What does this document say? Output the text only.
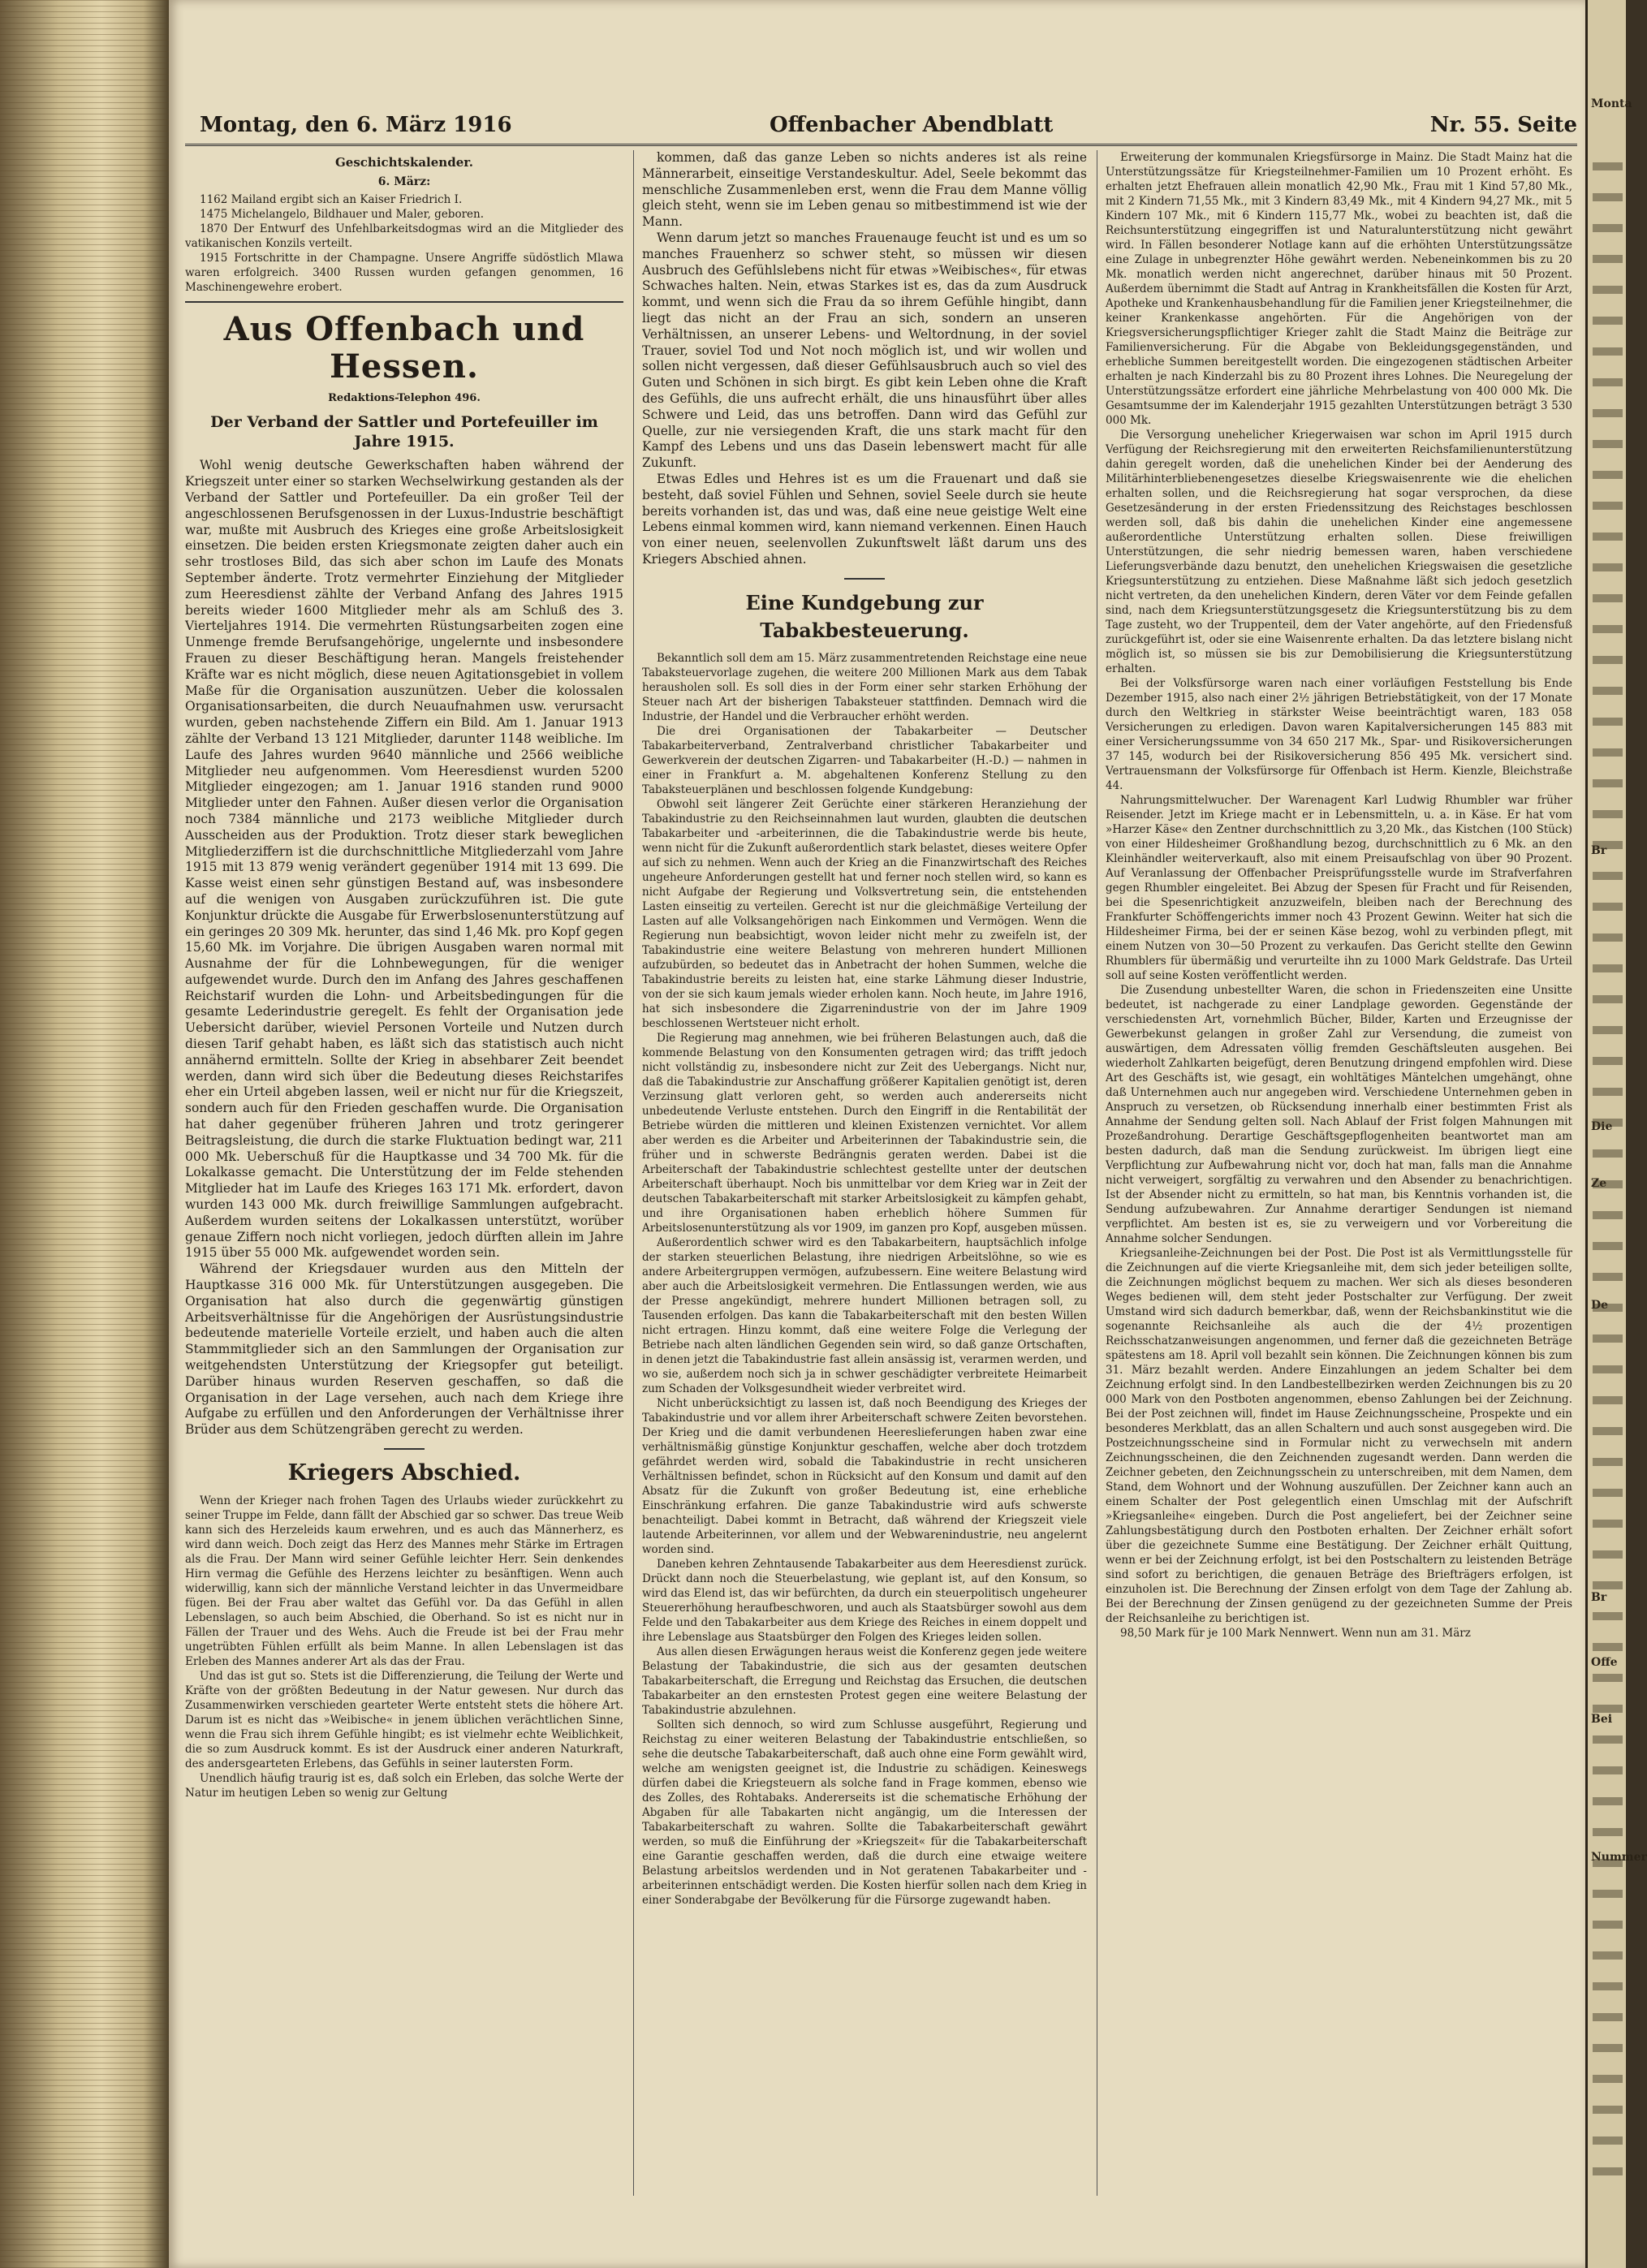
Montag, den 6. März 1916	Offenbacher Abendblatt	Nr. 55. Seite
Geschichtskalender.
6. März:

1162 Mailand ergibt sich an Kaiser Friedrich I.

1475 Michelangelo, Bildhauer und Maler, geboren.

1870 Der Entwurf des Unfehlbarkeitsdogmas wird an die Mitglieder des vatikanischen Konzils verteilt.

1915 Fortschritte in der Champagne. Unsere Angriffe südöstlich Mlawa waren erfolgreich. 3400 Russen wurden gefangen genommen, 16 Maschinengewehre erobert.

Aus Offenbach und Hessen.
Redaktions-Telephon 496.
Der Verband der Sattler und Portefeuiller im Jahre 1915.

Wohl wenig deutsche Gewerkschaften haben während der Kriegszeit unter einer so starken Wechselwirkung gestanden als der Verband der Sattler und Portefeuiller. Da ein großer Teil der angeschlossenen Berufsgenossen in der Luxus-Industrie beschäftigt war, mußte mit Ausbruch des Krieges eine große Arbeitslosigkeit einsetzen. Die beiden ersten Kriegsmonate zeigten daher auch ein sehr trostloses Bild, das sich aber schon im Laufe des Monats September änderte. Trotz vermehrter Einziehung der Mitglieder zum Heeresdienst zählte der Verband Anfang des Jahres 1915 bereits wieder 1600 Mitglieder mehr als am Schluß des 3. Vierteljahres 1914. Die vermehrten Rüstungsarbeiten zogen eine Unmenge fremde Berufsangehörige, ungelernte und insbesondere Frauen zu dieser Beschäftigung heran. Mangels freistehender Kräfte war es nicht möglich, diese neuen Agitationsgebiet in vollem Maße für die Organisation auszunützen. Ueber die kolossalen Organisationsarbeiten, die durch Neuaufnahmen usw. verursacht wurden, geben nachstehende Ziffern ein Bild. Am 1. Januar 1913 zählte der Verband 13 121 Mitglieder, darunter 1148 weibliche. Im Laufe des Jahres wurden 9640 männliche und 2566 weibliche Mitglieder neu aufgenommen. Vom Heeresdienst wurden 5200 Mitglieder eingezogen; am 1. Januar 1916 standen rund 9000 Mitglieder unter den Fahnen. Außer diesen verlor die Organisation noch 7384 männliche und 2173 weibliche Mitglieder durch Ausscheiden aus der Produktion. Trotz dieser stark beweglichen Mitgliederziffern ist die durchschnittliche Mitgliederzahl vom Jahre 1915 mit 13 879 wenig verändert gegenüber 1914 mit 13 699. Die Kasse weist einen sehr günstigen Bestand auf, was insbesondere auf die wenigen von Ausgaben zurückzuführen ist. Die gute Konjunktur drückte die Ausgabe für Erwerbslosenunterstützung auf ein geringes 20 309 Mk. herunter, das sind 1,46 Mk. pro Kopf gegen 15,60 Mk. im Vorjahre. Die übrigen Ausgaben waren normal mit Ausnahme der für die Lohnbewegungen, für die weniger aufgewendet wurde. Durch den im Anfang des Jahres geschaffenen Reichstarif wurden die Lohn- und Arbeitsbedingungen für die gesamte Lederindustrie geregelt. Es fehlt der Organisation jede Uebersicht darüber, wieviel Personen Vorteile und Nutzen durch diesen Tarif gehabt haben, es läßt sich das statistisch auch nicht annähernd ermitteln. Sollte der Krieg in absehbarer Zeit beendet werden, dann wird sich über die Bedeutung dieses Reichstarifes eher ein Urteil abgeben lassen, weil er nicht nur für die Kriegszeit, sondern auch für den Frieden geschaffen wurde. Die Organisation hat daher gegenüber früheren Jahren und trotz geringerer Beitragsleistung, die durch die starke Fluktuation bedingt war, 211 000 Mk. Ueberschuß für die Hauptkasse und 34 700 Mk. für die Lokalkasse gemacht. Die Unterstützung der im Felde stehenden Mitglieder hat im Laufe des Krieges 163 171 Mk. erfordert, davon wurden 143 000 Mk. durch freiwillige Sammlungen aufgebracht. Außerdem wurden seitens der Lokalkassen unterstützt, worüber genaue Ziffern noch nicht vorliegen, jedoch dürften allein im Jahre 1915 über 55 000 Mk. aufgewendet worden sein.

Während der Kriegsdauer wurden aus den Mitteln der Hauptkasse 316 000 Mk. für Unterstützungen ausgegeben. Die Organisation hat also durch die gegenwärtig günstigen Arbeitsverhältnisse für die Angehörigen der Ausrüstungsindustrie bedeutende materielle Vorteile erzielt, und haben auch die alten Stammmitglieder sich an den Sammlungen der Organisation zur weitgehendsten Unterstützung der Kriegsopfer gut beteiligt. Darüber hinaus wurden Reserven geschaffen, so daß die Organisation in der Lage versehen, auch nach dem Kriege ihre Aufgabe zu erfüllen und den Anforderungen der Verhältnisse ihrer Brüder aus dem Schützengräben gerecht zu werden.

Kriegers Abschied.

Wenn der Krieger nach frohen Tagen des Urlaubs wieder zurückkehrt zu seiner Truppe im Felde, dann fällt der Abschied gar so schwer. Das treue Weib kann sich des Herzeleids kaum erwehren, und es auch das Männerherz, es wird dann weich. Doch zeigt das Herz des Mannes mehr Stärke im Ertragen als die Frau. Der Mann wird seiner Gefühle leichter Herr. Sein denkendes Hirn vermag die Gefühle des Herzens leichter zu besänftigen. Wenn auch widerwillig, kann sich der männliche Verstand leichter in das Unvermeidbare fügen. Bei der Frau aber waltet das Gefühl vor. Da das Gefühl in allen Lebenslagen, so auch beim Abschied, die Oberhand. So ist es nicht nur in Fällen der Trauer und des Wehs. Auch die Freude ist bei der Frau mehr ungetrübten Fühlen erfüllt als beim Manne. In allen Lebenslagen ist das Erleben des Mannes anderer Art als das der Frau.

Und das ist gut so. Stets ist die Differenzierung, die Teilung der Werte und Kräfte von der größten Bedeutung in der Natur gewesen. Nur durch das Zusammenwirken verschieden gearteter Werte entsteht stets die höhere Art. Darum ist es nicht das »Weibische« in jenem üblichen verächtlichen Sinne, wenn die Frau sich ihrem Gefühle hingibt; es ist vielmehr echte Weiblichkeit, die so zum Ausdruck kommt. Es ist der Ausdruck einer anderen Naturkraft, des andersgearteten Erlebens, das Gefühls in seiner lautersten Form.

Unendlich häufig traurig ist es, daß solch ein Erleben, das solche Werte der Natur im heutigen Leben so wenig zur Geltung

kommen, daß das ganze Leben so nichts anderes ist als reine Männerarbeit, einseitige Verstandeskultur. Adel, Seele bekommt das menschliche Zusammenleben erst, wenn die Frau dem Manne völlig gleich steht, wenn sie im Leben genau so mitbestimmend ist wie der Mann.

Wenn darum jetzt so manches Frauenauge feucht ist und es um so manches Frauenherz so schwer steht, so müssen wir diesen Ausbruch des Gefühlslebens nicht für etwas »Weibisches«, für etwas Schwaches halten. Nein, etwas Starkes ist es, das da zum Ausdruck kommt, und wenn sich die Frau da so ihrem Gefühle hingibt, dann liegt das nicht an der Frau an sich, sondern an unseren Verhältnissen, an unserer Lebens- und Weltordnung, in der soviel Trauer, soviel Tod und Not noch möglich ist, und wir wollen und sollen nicht vergessen, daß dieser Gefühlsausbruch auch so viel des Guten und Schönen in sich birgt. Es gibt kein Leben ohne die Kraft des Gefühls, die uns aufrecht erhält, die uns hinausführt über alles Schwere und Leid, das uns betroffen. Dann wird das Gefühl zur Quelle, zur nie versiegenden Kraft, die uns stark macht für den Kampf des Lebens und uns das Dasein lebenswert macht für alle Zukunft.

Etwas Edles und Hehres ist es um die Frauenart und daß sie besteht, daß soviel Fühlen und Sehnen, soviel Seele durch sie heute bereits vorhanden ist, das und was, daß eine neue geistige Welt eine Lebens einmal kommen wird, kann niemand verkennen. Einen Hauch von einer neuen, seelenvollen Zukunftswelt läßt darum uns des Kriegers Abschied ahnen.

Eine Kundgebung zur Tabakbesteuerung.

Bekanntlich soll dem am 15. März zusammentretenden Reichstage eine neue Tabaksteuervorlage zugehen, die weitere 200 Millionen Mark aus dem Tabak herausholen soll. Es soll dies in der Form einer sehr starken Erhöhung der Steuer nach Art der bisherigen Tabaksteuer stattfinden. Demnach wird die Industrie, der Handel und die Verbraucher erhöht werden.

Die drei Organisationen der Tabakarbeiter — Deutscher Tabakarbeiterverband, Zentralverband christlicher Tabakarbeiter und Gewerkverein der deutschen Zigarren- und Tabakarbeiter (H.-D.) — nahmen in einer in Frankfurt a. M. abgehaltenen Konferenz Stellung zu den Tabaksteuerplänen und beschlossen folgende Kundgebung:

Obwohl seit längerer Zeit Gerüchte einer stärkeren Heranziehung der Tabakindustrie zu den Reichseinnahmen laut wurden, glaubten die deutschen Tabakarbeiter und -arbeiterinnen, die die Tabakindustrie werde bis heute, wenn nicht für die Zukunft außerordentlich stark belastet, dieses weitere Opfer auf sich zu nehmen. Wenn auch der Krieg an die Finanzwirtschaft des Reiches ungeheure Anforderungen gestellt hat und ferner noch stellen wird, so kann es nicht Aufgabe der Regierung und Volksvertretung sein, die entstehenden Lasten einseitig zu verteilen. Gerecht ist nur die gleichmäßige Verteilung der Lasten auf alle Volksangehörigen nach Einkommen und Vermögen. Wenn die Regierung nun beabsichtigt, wovon leider nicht mehr zu zweifeln ist, der Tabakindustrie eine weitere Belastung von mehreren hundert Millionen aufzubürden, so bedeutet das in Anbetracht der hohen Summen, welche die Tabakindustrie bereits zu leisten hat, eine starke Lähmung dieser Industrie, von der sie sich kaum jemals wieder erholen kann. Noch heute, im Jahre 1916, hat sich insbesondere die Zigarrenindustrie von der im Jahre 1909 beschlossenen Wertsteuer nicht erholt.

Die Regierung mag annehmen, wie bei früheren Belastungen auch, daß die kommende Belastung von den Konsumenten getragen wird; das trifft jedoch nicht vollständig zu, insbesondere nicht zur Zeit des Uebergangs. Nicht nur, daß die Tabakindustrie zur Anschaffung größerer Kapitalien genötigt ist, deren Verzinsung glatt verloren geht, so werden auch andererseits nicht unbedeutende Verluste entstehen. Durch den Eingriff in die Rentabilität der Betriebe würden die mittleren und kleinen Existenzen vernichtet. Vor allem aber werden es die Arbeiter und Arbeiterinnen der Tabakindustrie sein, die früher und in schwerste Bedrängnis geraten werden. Dabei ist die Arbeiterschaft der Tabakindustrie schlechtest gestellte unter der deutschen Arbeiterschaft überhaupt. Noch bis unmittelbar vor dem Krieg war in Zeit der deutschen Tabakarbeiterschaft mit starker Arbeitslosigkeit zu kämpfen gehabt, und ihre Organisationen haben erheblich höhere Summen für Arbeitslosenunterstützung als vor 1909, im ganzen pro Kopf, ausgeben müssen.

Außerordentlich schwer wird es den Tabakarbeitern, hauptsächlich infolge der starken steuerlichen Belastung, ihre niedrigen Arbeitslöhne, so wie es andere Arbeitergruppen vermögen, aufzubessern. Eine weitere Belastung wird aber auch die Arbeitslosigkeit vermehren. Die Entlassungen werden, wie aus der Presse angekündigt, mehrere hundert Millionen betragen soll, zu Tausenden erfolgen. Das kann die Tabakarbeiterschaft mit den besten Willen nicht ertragen. Hinzu kommt, daß eine weitere Folge die Verlegung der Betriebe nach alten ländlichen Gegenden sein wird, so daß ganze Ortschaften, in denen jetzt die Tabakindustrie fast allein ansässig ist, verarmen werden, und wo sie, außerdem noch sich ja in schwer geschädigter verbreitete Heimarbeit zum Schaden der Volksgesundheit wieder verbreitet wird.

Nicht unberücksichtigt zu lassen ist, daß noch Beendigung des Krieges der Tabakindustrie und vor allem ihrer Arbeiterschaft schwere Zeiten bevorstehen. Der Krieg und die damit verbundenen Heereslieferungen haben zwar eine verhältnismäßig günstige Konjunktur geschaffen, welche aber doch trotzdem gefährdet werden wird, sobald die Tabakindustrie in recht unsicheren Verhältnissen befindet, schon in Rücksicht auf den Konsum und damit auf den Absatz für die Zukunft von großer Bedeutung ist, eine erhebliche Einschränkung erfahren. Die ganze Tabakindustrie wird aufs schwerste benachteiligt. Dabei kommt in Betracht, daß während der Kriegszeit viele lautende Arbeiterinnen, vor allem und der Webwarenindustrie, neu angelernt worden sind.

Daneben kehren Zehntausende Tabakarbeiter aus dem Heeresdienst zurück. Drückt dann noch die Steuerbelastung, wie geplant ist, auf den Konsum, so wird das Elend ist, das wir befürchten, da durch ein steuerpolitisch ungeheurer Steuererhöhung heraufbeschworen, und auch als Staatsbürger sowohl aus dem Felde und den Tabakarbeiter aus dem Kriege des Reiches in einem doppelt und ihre Lebenslage aus Staatsbürger den Folgen des Krieges leiden sollen.

Aus allen diesen Erwägungen heraus weist die Konferenz gegen jede weitere Belastung der Tabakindustrie, die sich aus der gesamten deutschen Tabakarbeiterschaft, die Erregung und Reichstag das Ersuchen, die deutschen Tabakarbeiter an den ernstesten Protest gegen eine weitere Belastung der Tabakindustrie abzulehnen.

Sollten sich dennoch, so wird zum Schlusse ausgeführt, Regierung und Reichstag zu einer weiteren Belastung der Tabakindustrie entschließen, so sehe die deutsche Tabakarbeiterschaft, daß auch ohne eine Form gewählt wird, welche am wenigsten geeignet ist, die Industrie zu schädigen. Keineswegs dürfen dabei die Kriegsteuern als solche fand in Frage kommen, ebenso wie des Zolles, des Rohtabaks. Andererseits ist die schematische Erhöhung der Abgaben für alle Tabakarten nicht angängig, um die Interessen der Tabakarbeiterschaft zu wahren. Sollte die Tabakarbeiterschaft gewährt werden, so muß die Einführung der »Kriegszeit« für die Tabakarbeiterschaft eine Garantie geschaffen werden, daß die durch eine etwaige weitere Belastung arbeitslos werdenden und in Not geratenen Tabakarbeiter und -arbeiterinnen entschädigt werden. Die Kosten hierfür sollen nach dem Krieg in einer Sonderabgabe der Bevölkerung für die Fürsorge zugewandt haben.

Erweiterung der kommunalen Kriegsfürsorge in Mainz. Die Stadt Mainz hat die Unterstützungssätze für Kriegsteilnehmer-Familien um 10 Prozent erhöht. Es erhalten jetzt Ehefrauen allein monatlich 42,90 Mk., Frau mit 1 Kind 57,80 Mk., mit 2 Kindern 71,55 Mk., mit 3 Kindern 83,49 Mk., mit 4 Kindern 94,27 Mk., mit 5 Kindern 107 Mk., mit 6 Kindern 115,77 Mk., wobei zu beachten ist, daß die Reichsunterstützung eingegriffen ist und Naturalunterstützung nicht gewährt wird. In Fällen besonderer Notlage kann auf die erhöhten Unterstützungssätze eine Zulage in unbegrenzter Höhe gewährt werden. Nebeneinkommen bis zu 20 Mk. monatlich werden nicht angerechnet, darüber hinaus mit 50 Prozent. Außerdem übernimmt die Stadt auf Antrag in Krankheitsfällen die Kosten für Arzt, Apotheke und Krankenhausbehandlung für die Familien jener Kriegsteilnehmer, die keiner Krankenkasse angehörten. Für die Angehörigen von der Kriegsversicherungspflichtiger Krieger zahlt die Stadt Mainz die Beiträge zur Familienversicherung. Für die Abgabe von Bekleidungsgegenständen, und erhebliche Summen bereitgestellt worden. Die eingezogenen städtischen Arbeiter erhalten je nach Kinderzahl bis zu 80 Prozent ihres Lohnes. Die Neuregelung der Unterstützungssätze erfordert eine jährliche Mehrbelastung von 400 000 Mk. Die Gesamtsumme der im Kalenderjahr 1915 gezahlten Unterstützungen beträgt 3 530 000 Mk.

Die Versorgung unehelicher Kriegerwaisen war schon im April 1915 durch Verfügung der Reichsregierung mit den erweiterten Reichsfamilienunterstützung dahin geregelt worden, daß die unehelichen Kinder bei der Aenderung des Militärhinterbliebenengesetzes dieselbe Kriegswaisenrente wie die ehelichen erhalten sollen, und die Reichsregierung hat sogar versprochen, da diese Gesetzesänderung in der ersten Friedenssitzung des Reichstages beschlossen werden soll, daß bis dahin die unehelichen Kinder eine angemessene außerordentliche Unterstützung erhalten sollen. Diese freiwilligen Unterstützungen, die sehr niedrig bemessen waren, haben verschiedene Lieferungsverbände dazu benutzt, den unehelichen Kriegswaisen die gesetzliche Kriegsunterstützung zu entziehen. Diese Maßnahme läßt sich jedoch gesetzlich nicht vertreten, da den unehelichen Kindern, deren Väter vor dem Feinde gefallen sind, nach dem Kriegsunterstützungsgesetz die Kriegsunterstützung bis zu dem Tage zusteht, wo der Truppenteil, dem der Vater angehörte, auf den Friedensfuß zurückgeführt ist, oder sie eine Waisenrente erhalten. Da das letztere bislang nicht möglich ist, so müssen sie bis zur Demobilisierung die Kriegsunterstützung erhalten.

Bei der Volksfürsorge waren nach einer vorläufigen Feststellung bis Ende Dezember 1915, also nach einer 2½ jährigen Betriebstätigkeit, von der 17 Monate durch den Weltkrieg in stärkster Weise beeinträchtigt waren, 183 058 Versicherungen zu erledigen. Davon waren Kapitalversicherungen 145 883 mit einer Versicherungssumme von 34 650 217 Mk., Spar- und Risikoversicherungen 37 145, wodurch bei der Risikoversicherung 856 495 Mk. versichert sind. Vertrauensmann der Volksfürsorge für Offenbach ist Herm. Kienzle, Bleichstraße 44.

Nahrungsmittelwucher. Der Warenagent Karl Ludwig Rhumbler war früher Reisender. Jetzt im Kriege macht er in Lebensmitteln, u. a. in Käse. Er hat vom »Harzer Käse« den Zentner durchschnittlich zu 3,20 Mk., das Kistchen (100 Stück) von einer Hildesheimer Großhandlung bezog, durchschnittlich zu 6 Mk. an den Kleinhändler weiterverkauft, also mit einem Preisaufschlag von über 90 Prozent. Auf Veranlassung der Offenbacher Preisprüfungsstelle wurde im Strafverfahren gegen Rhumbler eingeleitet. Bei Abzug der Spesen für Fracht und für Reisenden, bei die Spesenrichtigkeit anzuzweifeln, bleiben nach der Berechnung des Frankfurter Schöffengerichts immer noch 43 Prozent Gewinn. Weiter hat sich die Hildesheimer Firma, bei der er seinen Käse bezog, wohl zu verbinden pflegt, mit einem Nutzen von 30—50 Prozent zu verkaufen. Das Gericht stellte den Gewinn Rhumblers für übermäßig und verurteilte ihn zu 1000 Mark Geldstrafe. Das Urteil soll auf seine Kosten veröffentlicht werden.

Die Zusendung unbestellter Waren, die schon in Friedenszeiten eine Unsitte bedeutet, ist nachgerade zu einer Landplage geworden. Gegenstände der verschiedensten Art, vornehmlich Bücher, Bilder, Karten und Erzeugnisse der Gewerbekunst gelangen in großer Zahl zur Versendung, die zumeist von auswärtigen, dem Adressaten völlig fremden Geschäftsleuten ausgehen. Bei wiederholt Zahlkarten beigefügt, deren Benutzung dringend empfohlen wird. Diese Art des Geschäfts ist, wie gesagt, ein wohltätiges Mäntelchen umgehängt, ohne daß Unternehmen auch nur angegeben wird. Verschiedene Unternehmen geben in Anspruch zu versetzen, ob Rücksendung innerhalb einer bestimmten Frist als Annahme der Sendung gelten soll. Nach Ablauf der Frist folgen Mahnungen mit Prozeßandrohung. Derartige Geschäftsgepflogenheiten beantwortet man am besten dadurch, daß man die Sendung zurückweist. Im übrigen liegt eine Verpflichtung zur Aufbewahrung nicht vor, doch hat man, falls man die Annahme nicht verweigert, sorgfältig zu verwahren und den Absender zu benachrichtigen. Ist der Absender nicht zu ermitteln, so hat man, bis Kenntnis vorhanden ist, die Sendung aufzubewahren. Zur Annahme derartiger Sendungen ist niemand verpflichtet. Am besten ist es, sie zu verweigern und vor Vorbereitung die Annahme solcher Sendungen.

Kriegsanleihe-Zeichnungen bei der Post. Die Post ist als Vermittlungsstelle für die Zeichnungen auf die vierte Kriegsanleihe mit, dem sich jeder beteiligen sollte, die Zeichnungen möglichst bequem zu machen. Wer sich als dieses besonderen Weges bedienen will, dem steht jeder Postschalter zur Verfügung. Der zweit Umstand wird sich dadurch bemerkbar, daß, wenn der Reichsbankinstitut wie die sogenannte Reichsanleihe als auch die der 4½ prozentigen Reichsschatzanweisungen angenommen, und ferner daß die gezeichneten Beträge spätestens am 18. April voll bezahlt sein können. Die Zeichnungen können bis zum 31. März bezahlt werden. Andere Einzahlungen an jedem Schalter bei dem Zeichnung erfolgt sind. In den Landbestellbezirken werden Zeichnungen bis zu 20 000 Mark von den Postboten angenommen, ebenso Zahlungen bei der Zeichnung. Bei der Post zeichnen will, findet im Hause Zeichnungsscheine, Prospekte und ein besonderes Merkblatt, das an allen Schaltern und auch sonst ausgegeben wird. Die Postzeichnungsscheine sind in Formular nicht zu verwechseln mit andern Zeichnungsscheinen, die den Zeichnenden zugesandt werden. Dann werden die Zeichner gebeten, den Zeichnungsschein zu unterschreiben, mit dem Namen, dem Stand, dem Wohnort und der Wohnung auszufüllen. Der Zeichner kann auch an einem Schalter der Post gelegentlich einen Umschlag mit der Aufschrift »Kriegsanleihe« eingeben. Durch die Post angeliefert, bei der Zeichner seine Zahlungsbestätigung durch den Postboten erhalten. Der Zeichner erhält sofort über die gezeichnete Summe eine Bestätigung. Der Zeichner erhält Quittung, wenn er bei der Zeichnung erfolgt, ist bei den Postschaltern zu leistenden Beträge sind sofort zu berichtigen, die genauen Beträge des Briefträgers erfolgen, ist einzuholen ist. Die Berechnung der Zinsen erfolgt von dem Tage der Zahlung ab. Bei der Berechnung der Zinsen genügend zu der gezeichneten Summe der Preis der Reichsanleihe zu berichtigen ist.

98,50 Mark für je 100 Mark Nennwert. Wenn nun am 31. März

Monta
Br
Die
Ze
De
Br
Offe
Bei
Nummer
